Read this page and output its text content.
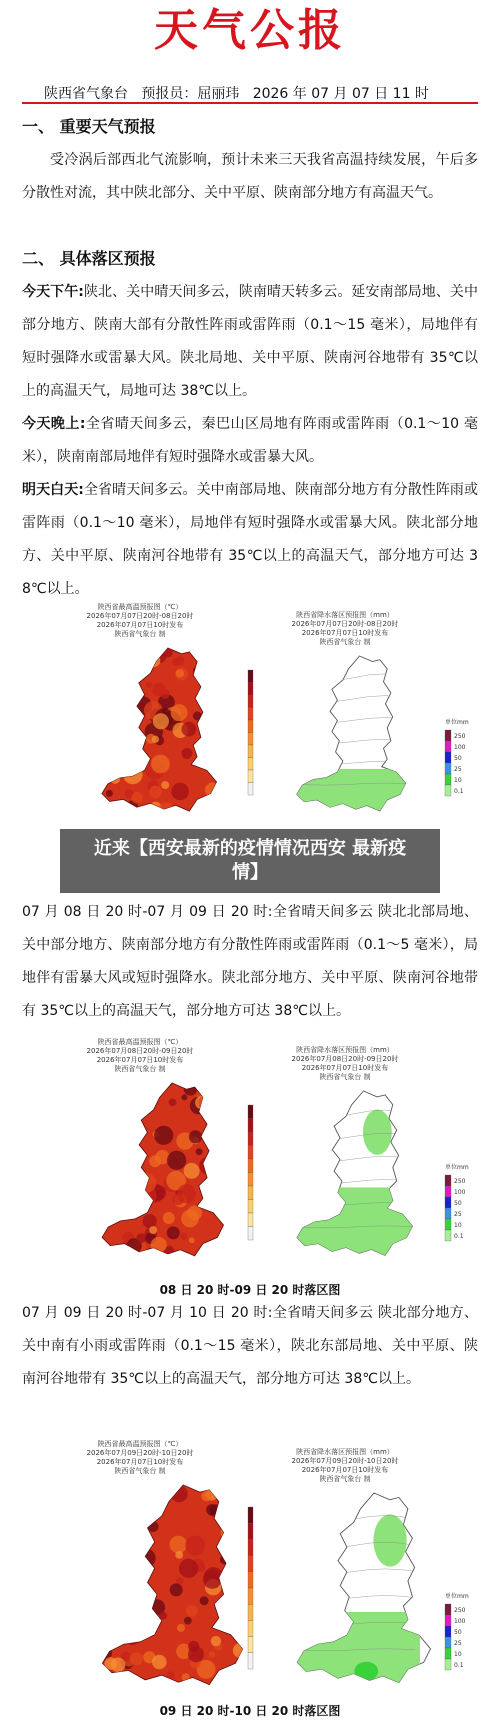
天气公报
陕西省气象台   预报员：屈丽玮   2026 年 07 月 07 日 11 时
一、 重要天气预报
受冷涡后部西北气流影响，预计未来三天我省高温持续发展，午后多分散性对流，其中陕北部分、关中平原、陕南部分地方有高温天气。
二、 具体落区预报
今天下午:陕北、关中晴天间多云，陕南晴天转多云。延安南部局地、关中部分地方、陕南大部有分散性阵雨或雷阵雨（0.1～15 毫米），局地伴有短时强降水或雷暴大风。陕北局地、关中平原、陕南河谷地带有 35℃以上的高温天气，局地可达 38℃以上。
今天晚上:全省晴天间多云，秦巴山区局地有阵雨或雷阵雨（0.1～10 毫米），陕南南部局地伴有短时强降水或雷暴大风。
明天白天:全省晴天间多云。关中南部局地、陕南部分地方有分散性阵雨或雷阵雨（0.1～10 毫米），局地伴有短时强降水或雷暴大风。陕北部分地方、关中平原、陕南河谷地带有 35℃以上的高温天气，部分地方可达 38℃以上。
陕西省最高温预报图（℃）
2026年07月07日20时-08日20时
2026年07月07日10时发布
陕西省气象台 制
陕西省降水落区预报图（mm）
2026年07月07日20时-08日20时
2026年07月07日10时发布
陕西省气象台 制
单位mm
250
100
50
25
10
0.1
近来【西安最新的疫情情况西安 最新疫情】
07 月 08 日 20 时-07 月 09 日 20 时:全省晴天间多云 陕北北部局地、关中部分地方、陕南部分地方有分散性阵雨或雷阵雨（0.1～5 毫米），局地伴有雷暴大风或短时强降水。陕北部分地方、关中平原、陕南河谷地带有 35℃以上的高温天气，部分地方可达 38℃以上。
陕西省最高温预报图（℃）
2026年07月08日20时-09日20时
2026年07月07日10时发布
陕西省气象台 制
陕西省降水落区预报图（mm）
2026年07月08日20时-09日20时
2026年07月07日10时发布
陕西省气象台 制
单位mm
250
100
50
25
10
0.1
08 日 20 时-09 日 20 时落区图
07 月 09 日 20 时-07 月 10 日 20 时:全省晴天间多云 陕北部分地方、关中南有小雨或雷阵雨（0.1～15 毫米），陕北东部局地、关中平原、陕南河谷地带有 35℃以上的高温天气，部分地方可达 38℃以上。
陕西省最高温预报图（℃）
2026年07月09日20时-10日20时
2026年07月07日10时发布
陕西省气象台 制
陕西省降水落区预报图（mm）
2026年07月09日20时-10日20时
2026年07月07日10时发布
陕西省气象台 制
单位mm
250
100
50
25
10
0.1
09 日 20 时-10 日 20 时落区图
